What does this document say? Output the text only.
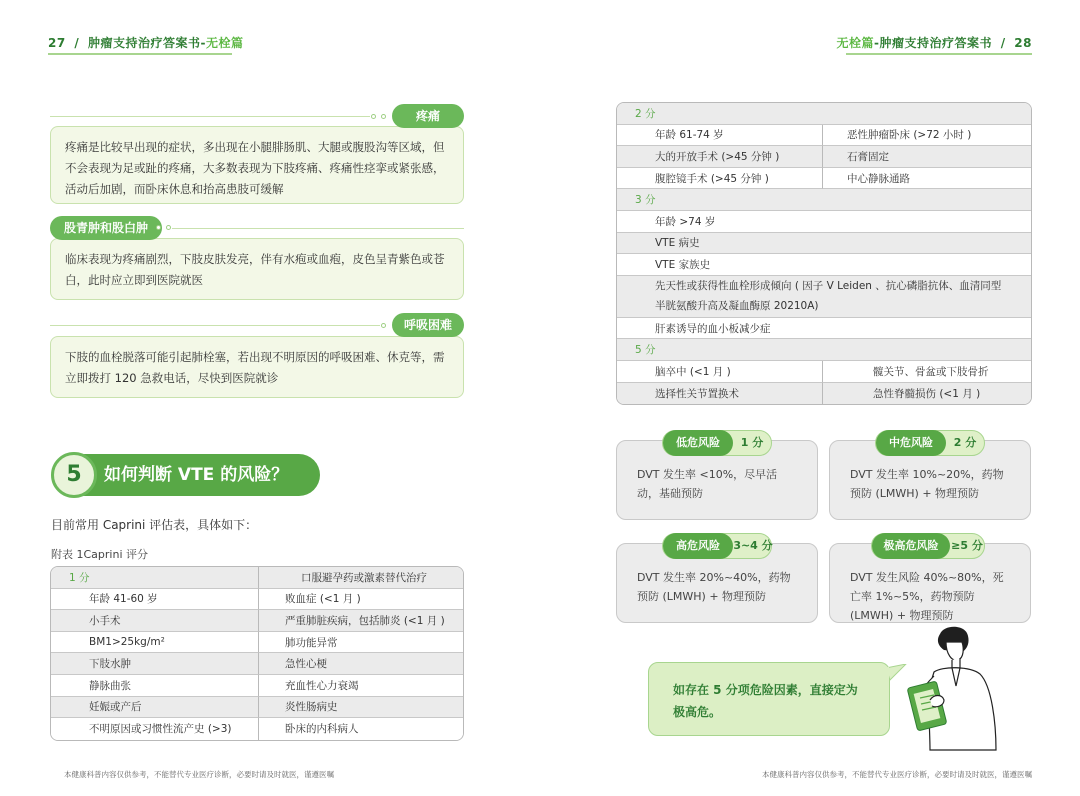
27 / 肿瘤支持治疗答案书-无栓篇	无栓篇-肿瘤支持治疗答案书 / 28
疼痛是比较早出现的症状，多出现在小腿腓肠肌、大腿或腹股沟等区域，但不会表现为足或趾的疼痛，大多数表现为下肢疼痛、疼痛性痉挛或紧张感，活动后加剧，而卧床休息和抬高患肢可缓解
疼痛
临床表现为疼痛剧烈，下肢皮肤发亮，伴有水疱或血疱，皮色呈青紫色或苍白，此时应立即到医院就医
股青肿和股白肿
下肢的血栓脱落可能引起肺栓塞，若出现不明原因的呼吸困难、休克等，需立即拨打 120 急救电话，尽快到医院就诊
呼吸困难
5	如何判断 VTE 的风险？
目前常用 Caprini 评估表，具体如下：
附表 1Caprini 评分
1 分	口服避孕药或激素替代治疗
年龄 41-60 岁	败血症 (<1 月 )
小手术	严重肺脏疾病，包括肺炎 (<1 月 )
BM1>25kg/m²	肺功能异常
下肢水肿	急性心梗
静脉曲张	充血性心力衰竭
妊娠或产后	炎性肠病史
不明原因或习惯性流产史 (>3)	卧床的内科病人
2 分	
年龄 61-74 岁	恶性肿瘤卧床 (>72 小时 )
大的开放手术 (>45 分钟 )	石膏固定
腹腔镜手术 (>45 分钟 )	中心静脉通路
3 分	
年龄 >74 岁	
VTE 病史	
VTE 家族史	
先天性或获得性血栓形成倾向 ( 因子 V Leiden 、抗心磷脂抗体、血清同型半胱氨酸升高及凝血酶原 20210A)	
肝素诱导的血小板减少症	
5 分	
脑卒中 (<1 月 )	髋关节、骨盆或下肢骨折
选择性关节置换术	急性脊髓损伤 (<1 月 )
DVT 发生率 <10%，尽早活动，基础预防
低危风险	1 分
DVT 发生率 10%~20%，药物预防 (LMWH) + 物理预防
中危风险	2 分
DVT 发生率 20%~40%，药物预防 (LMWH) + 物理预防
高危风险	3~4 分
DVT 发生风险 40%~80%，死亡率 1%~5%，药物预防 (LMWH) + 物理预防
极高危风险	≥5 分
如存在 5 分项危险因素，直接定为极高危。
本健康科普内容仅供参考，不能替代专业医疗诊断，必要时请及时就医，谨遵医嘱	本健康科普内容仅供参考，不能替代专业医疗诊断，必要时请及时就医，谨遵医嘱
